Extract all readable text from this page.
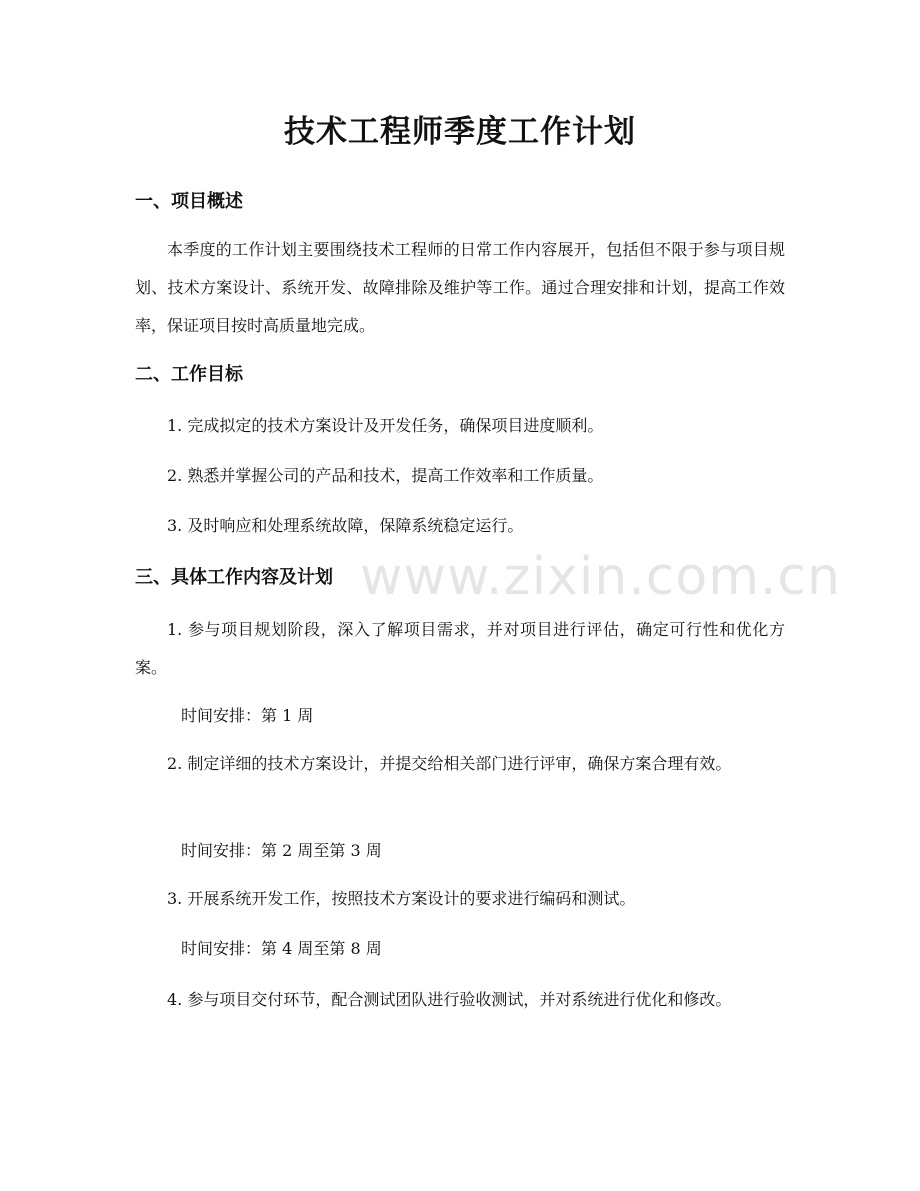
技术工程师季度工作计划
一、项目概述
本季度的工作计划主要围绕技术工程师的日常工作内容展开，包括但不限于参与项目规划、技术方案设计、系统开发、故障排除及维护等工作。通过合理安排和计划，提高工作效率，保证项目按时高质量地完成。
二、工作目标
1. 完成拟定的技术方案设计及开发任务，确保项目进度顺利。
2. 熟悉并掌握公司的产品和技术，提高工作效率和工作质量。
3. 及时响应和处理系统故障，保障系统稳定运行。
三、具体工作内容及计划
1. 参与项目规划阶段，深入了解项目需求，并对项目进行评估，确定可行性和优化方案。
时间安排：第 1 周
2. 制定详细的技术方案设计，并提交给相关部门进行评审，确保方案合理有效。
时间安排：第 2 周至第 3 周
3. 开展系统开发工作，按照技术方案设计的要求进行编码和测试。
时间安排：第 4 周至第 8 周
4. 参与项目交付环节，配合测试团队进行验收测试，并对系统进行优化和修改。
www.zixin.com.cn
